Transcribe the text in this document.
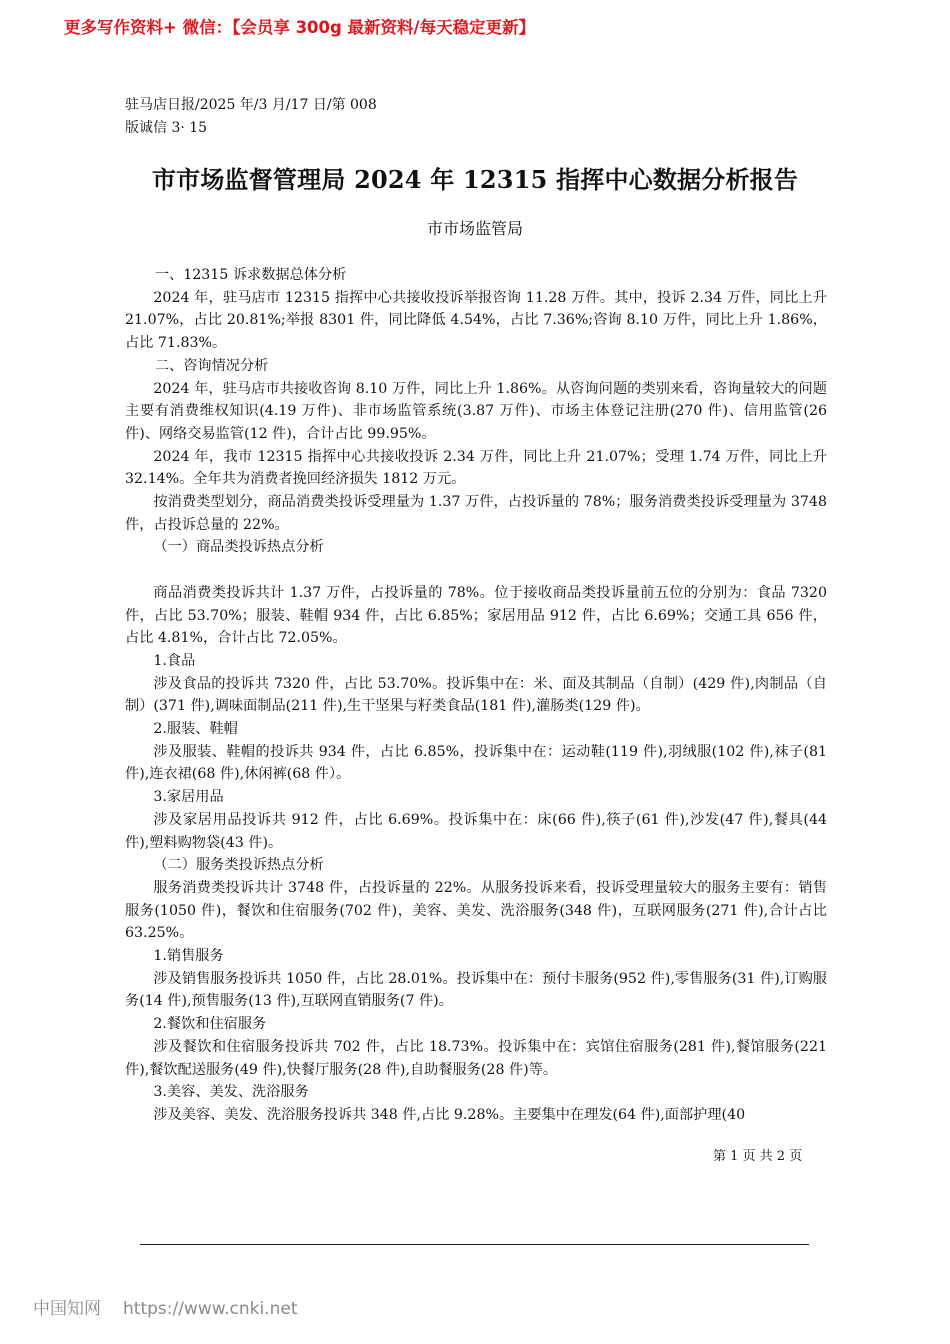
更多写作资料+ 微信：【会员享 300g 最新资料/每天稳定更新】
驻马店日报/2025 年/3 月/17 日/第 008
版诚信 3· 15
市市场监督管理局 2024 年 12315 指挥中心数据分析报告
市市场监管局

一、12315 诉求数据总体分析

2024 年，驻马店市 12315 指挥中心共接收投诉举报咨询 11.28 万件。其中，投诉 2.34 万件，同比上升 21.07%，占比 20.81%;举报 8301 件，同比降低 4.54%，占比 7.36%;咨询 8.10 万件，同比上升 1.86%，占比 71.83%。

二、咨询情况分析

2024 年，驻马店市共接收咨询 8.10 万件，同比上升 1.86%。从咨询问题的类别来看，咨询量较大的问题主要有消费维权知识(4.19 万件)、非市场监管系统(3.87 万件)、市场主体登记注册(270 件)、信用监管(26 件)、网络交易监管(12 件)，合计占比 99.95%。

2024 年，我市 12315 指挥中心共接收投诉 2.34 万件，同比上升 21.07%；受理 1.74 万件，同比上升 32.14%。全年共为消费者挽回经济损失 1812 万元。

按消费类型划分，商品消费类投诉受理量为 1.37 万件，占投诉量的 78%；服务消费类投诉受理量为 3748 件，占投诉总量的 22%。

（一）商品类投诉热点分析

商品消费类投诉共计 1.37 万件，占投诉量的 78%。位于接收商品类投诉量前五位的分别为：食品 7320 件，占比 53.70%；服装、鞋帽 934 件，占比 6.85%；家居用品 912 件，占比 6.69%；交通工具 656 件，占比 4.81%，合计占比 72.05%。

1.食品

涉及食品的投诉共 7320 件，占比 53.70%。投诉集中在：米、面及其制品（自制）(429 件),肉制品（自制）(371 件),调味面制品(211 件),生干坚果与籽类食品(181 件),灌肠类(129 件)。

2.服装、鞋帽

涉及服装、鞋帽的投诉共 934 件，占比 6.85%，投诉集中在：运动鞋(119 件),羽绒服(102 件),袜子(81 件),连衣裙(68 件),休闲裤(68 件）。

3.家居用品

涉及家居用品投诉共 912 件，占比 6.69%。投诉集中在：床(66 件),筷子(61 件),沙发(47 件),餐具(44 件),塑料购物袋(43 件)。

（二）服务类投诉热点分析

服务消费类投诉共计 3748 件，占投诉量的 22%。从服务投诉来看，投诉受理量较大的服务主要有：销售服务(1050 件)，餐饮和住宿服务(702 件)，美容、美发、洗浴服务(348 件)，互联网服务(271 件),合计占比 63.25%。

1.销售服务

涉及销售服务投诉共 1050 件，占比 28.01%。投诉集中在：预付卡服务(952 件),零售服务(31 件),订购服务(14 件),预售服务(13 件),互联网直销服务(7 件)。

2.餐饮和住宿服务

涉及餐饮和住宿服务投诉共 702 件，占比 18.73%。投诉集中在：宾馆住宿服务(281 件),餐馆服务(221 件),餐饮配送服务(49 件),快餐厅服务(28 件),自助餐服务(28 件)等。

3.美容、美发、洗浴服务

涉及美容、美发、洗浴服务投诉共 348 件,占比 9.28%。主要集中在理发(64 件),面部护理(40

第 1 页 共 2 页
中国知网 https://www.cnki.net
